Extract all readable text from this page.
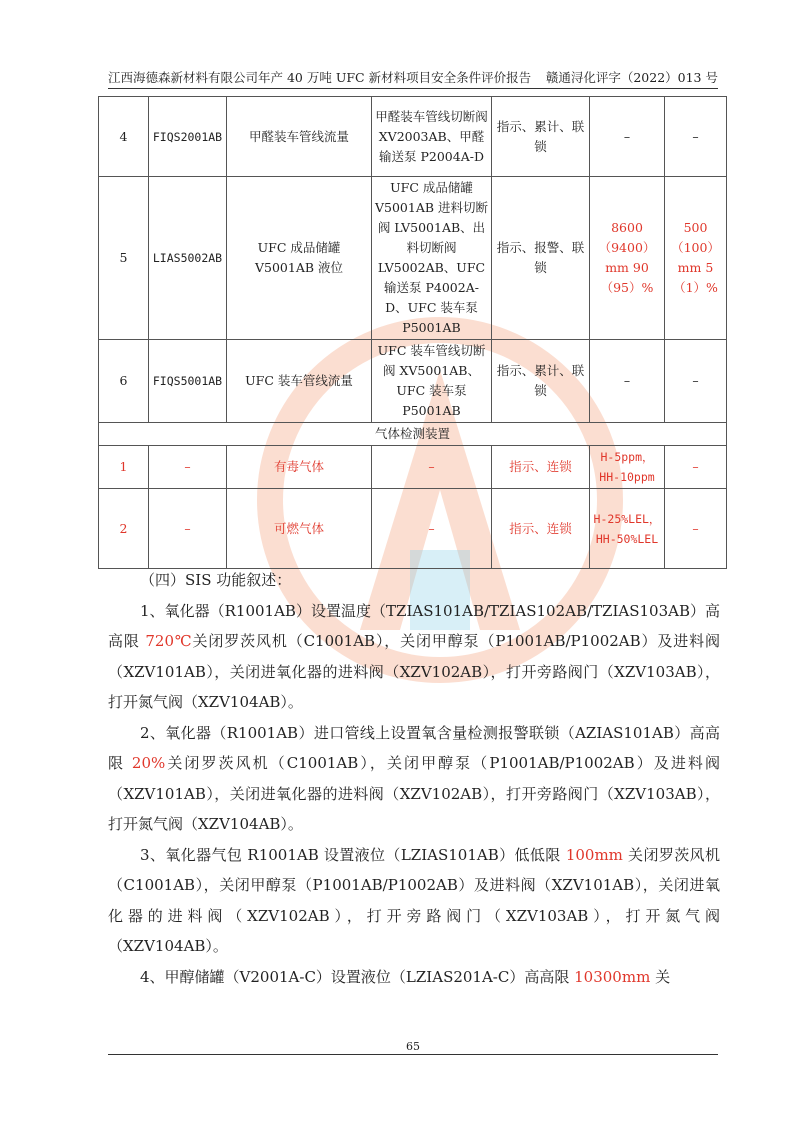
江西海德森新材料有限公司年产 40 万吨 UFC 新材料项目安全条件评价报告 赣通浔化评字（2022）013 号
4	FIQS2001AB	甲醛装车管线流量	甲醛装车管线切断阀 XV2003AB、甲醛输送泵 P2004A-D	指示、累计、联锁	–	–
5	LIAS5002AB	UFC 成品储罐 V5001AB 液位	UFC 成品储罐 V5001AB 进料切断阀 LV5001AB、出料切断阀 LV5002AB、UFC 输送泵 P4002A-D、UFC 装车泵 P5001AB	指示、报警、联锁	8600（9400）mm 90（95）%	500（100）mm 5（1）%
6	FIQS5001AB	UFC 装车管线流量	UFC 装车管线切断阀 XV5001AB、UFC 装车泵 P5001AB	指示、累计、联锁	–	–
气体检测装置						
1	–	有毒气体	–	指示、连锁	H-5ppm，HH-10ppm	–
2	–	可燃气体	–	指示、连锁	H-25%LEL，HH-50%LEL	–

（四）SIS 功能叙述：

1、氧化器（R1001AB）设置温度（TZIAS101AB/TZIAS102AB/TZIAS103AB）高高限 720℃关闭罗茨风机（C1001AB），关闭甲醇泵（P1001AB/P1002AB）及进料阀（XZV101AB），关闭进氧化器的进料阀（XZV102AB），打开旁路阀门（XZV103AB），打开氮气阀（XZV104AB）。

2、氧化器（R1001AB）进口管线上设置氧含量检测报警联锁（AZIAS101AB）高高限 20%关闭罗茨风机（C1001AB），关闭甲醇泵（P1001AB/P1002AB）及进料阀（XZV101AB），关闭进氧化器的进料阀（XZV102AB），打开旁路阀门（XZV103AB），打开氮气阀（XZV104AB）。

3、氧化器气包 R1001AB 设置液位（LZIAS101AB）低低限 100mm 关闭罗茨风机（C1001AB），关闭甲醇泵（P1001AB/P1002AB）及进料阀（XZV101AB），关闭进氧化器的进料阀（XZV102AB），打开旁路阀门（XZV103AB），打开氮气阀（XZV104AB）。

4、甲醇储罐（V2001A-C）设置液位（LZIAS201A-C）高高限 10300mm 关

65
